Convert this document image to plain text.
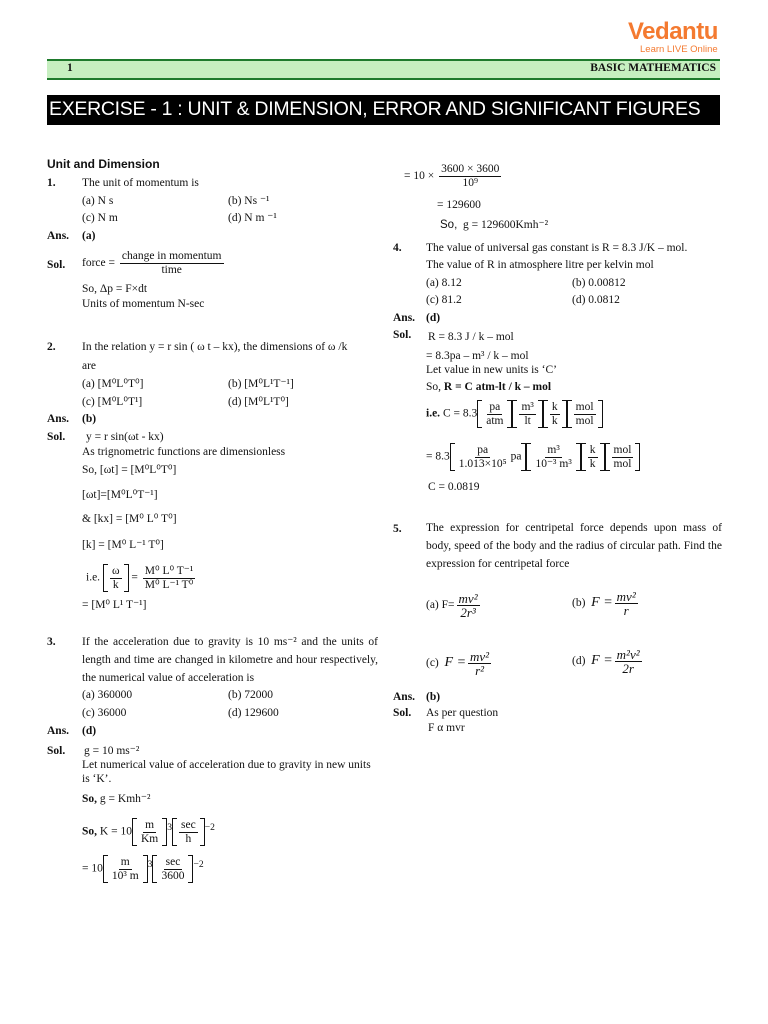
Vedantu
Learn LIVE Online
1	BASIC MATHEMATICS
EXERCISE - 1 : UNIT & DIMENSION, ERROR AND SIGNIFICANT FIGURES
Unit and Dimension
1. The unit of momentum is
(a) N s	(b) Ns ⁻¹
(c) N m	(d) N m ⁻¹
Ans. (a)
Sol. force = $\frac{\text{change in momentum}}{\text{time}}$
So, Δp = F×dt
Units of momentum N-sec
2. In the relation y = r sin ( ω t – kx), the dimensions of ω /k
are
(a) [M⁰L⁰T⁰]	(b) [M⁰L¹T⁻¹]
(c) [M⁰L⁰T¹]	(d) [M⁰L¹T⁰]
Ans. (b)
Sol. y = r sin(ωt - kx)
As trignometric functions are dimensionless
So, [ωt] = [M⁰L⁰T⁰]
[ωt]=[M⁰L⁰T⁻¹]
& [kx] = [M⁰ L⁰ T⁰]
[k] = [M⁰ L⁻¹ T⁰]
i.e. $\frac{\omega}{k} = \frac{\text{M⁰ L⁰ T⁻¹}}{\text{M⁰ L⁻¹ T⁰}}$
= [M⁰ L¹ T⁻¹]
3. If the acceleration due to gravity is 10 ms⁻² and the units of length and time are changed in kilometre and hour respectively, the numerical value of acceleration is
(a) 360000	(b) 72000
(c) 36000	(d) 129600
Ans. (d)
Sol. g = 10 ms⁻²
Let numerical value of acceleration due to gravity in new units is ‘K’.
So, g = Kmh⁻²
So, $K = 10 \frac{m}{Km} ^3 \frac{\sec}{h} ^{-2}$
= $10 \frac{m}{\text{10³ m}} ^3 \frac{\sec}{3600} ^{-2}$
= $10 \times \frac{3600 \times 3600}{\text{10⁹}}$
= 129600
So, g = 129600Kmh⁻²
4. The value of universal gas constant is R = 8.3 J/K – mol.
The value of R in atmosphere litre per kelvin mol
(a) 8.12	(b) 0.00812
(c) 81.2	(d) 0.0812
Ans. (d)
Sol. R = 8.3 J / k – mol
= 8.3pa – m³ / k – mol
Let value in new units is ‘C’
So, R = C atm-lt / k – mol
i.e. $C = 8.3 \frac{pa}{\text{atm}} \frac{\text{m³}}{lt} \frac{k}{k} \frac{\text{mol}}{\text{mol}}$
= $8.3 \frac{pa}{\text{1.013×10⁵}}$ pa $\frac{\text{m³}}{\text{10⁻³ m³}} \frac{k}{k} \frac{\text{mol}}{\text{mol}}$
C = 0.0819
5. The expression for centripetal force depends upon mass of body, speed of the body and the radius of circular path. Find the expression for centripetal force
(a) $F= \frac{\text{mv²}}{\text{2r³}}$	(b) $F = \frac{\text{mv²}}{r}$
(c) $F = \frac{\text{mv²}}{\text{r²}}$	(d) $F = \frac{\text{m²v²}}{2r}$
Ans. (b)
Sol. As per question
F α mvr
